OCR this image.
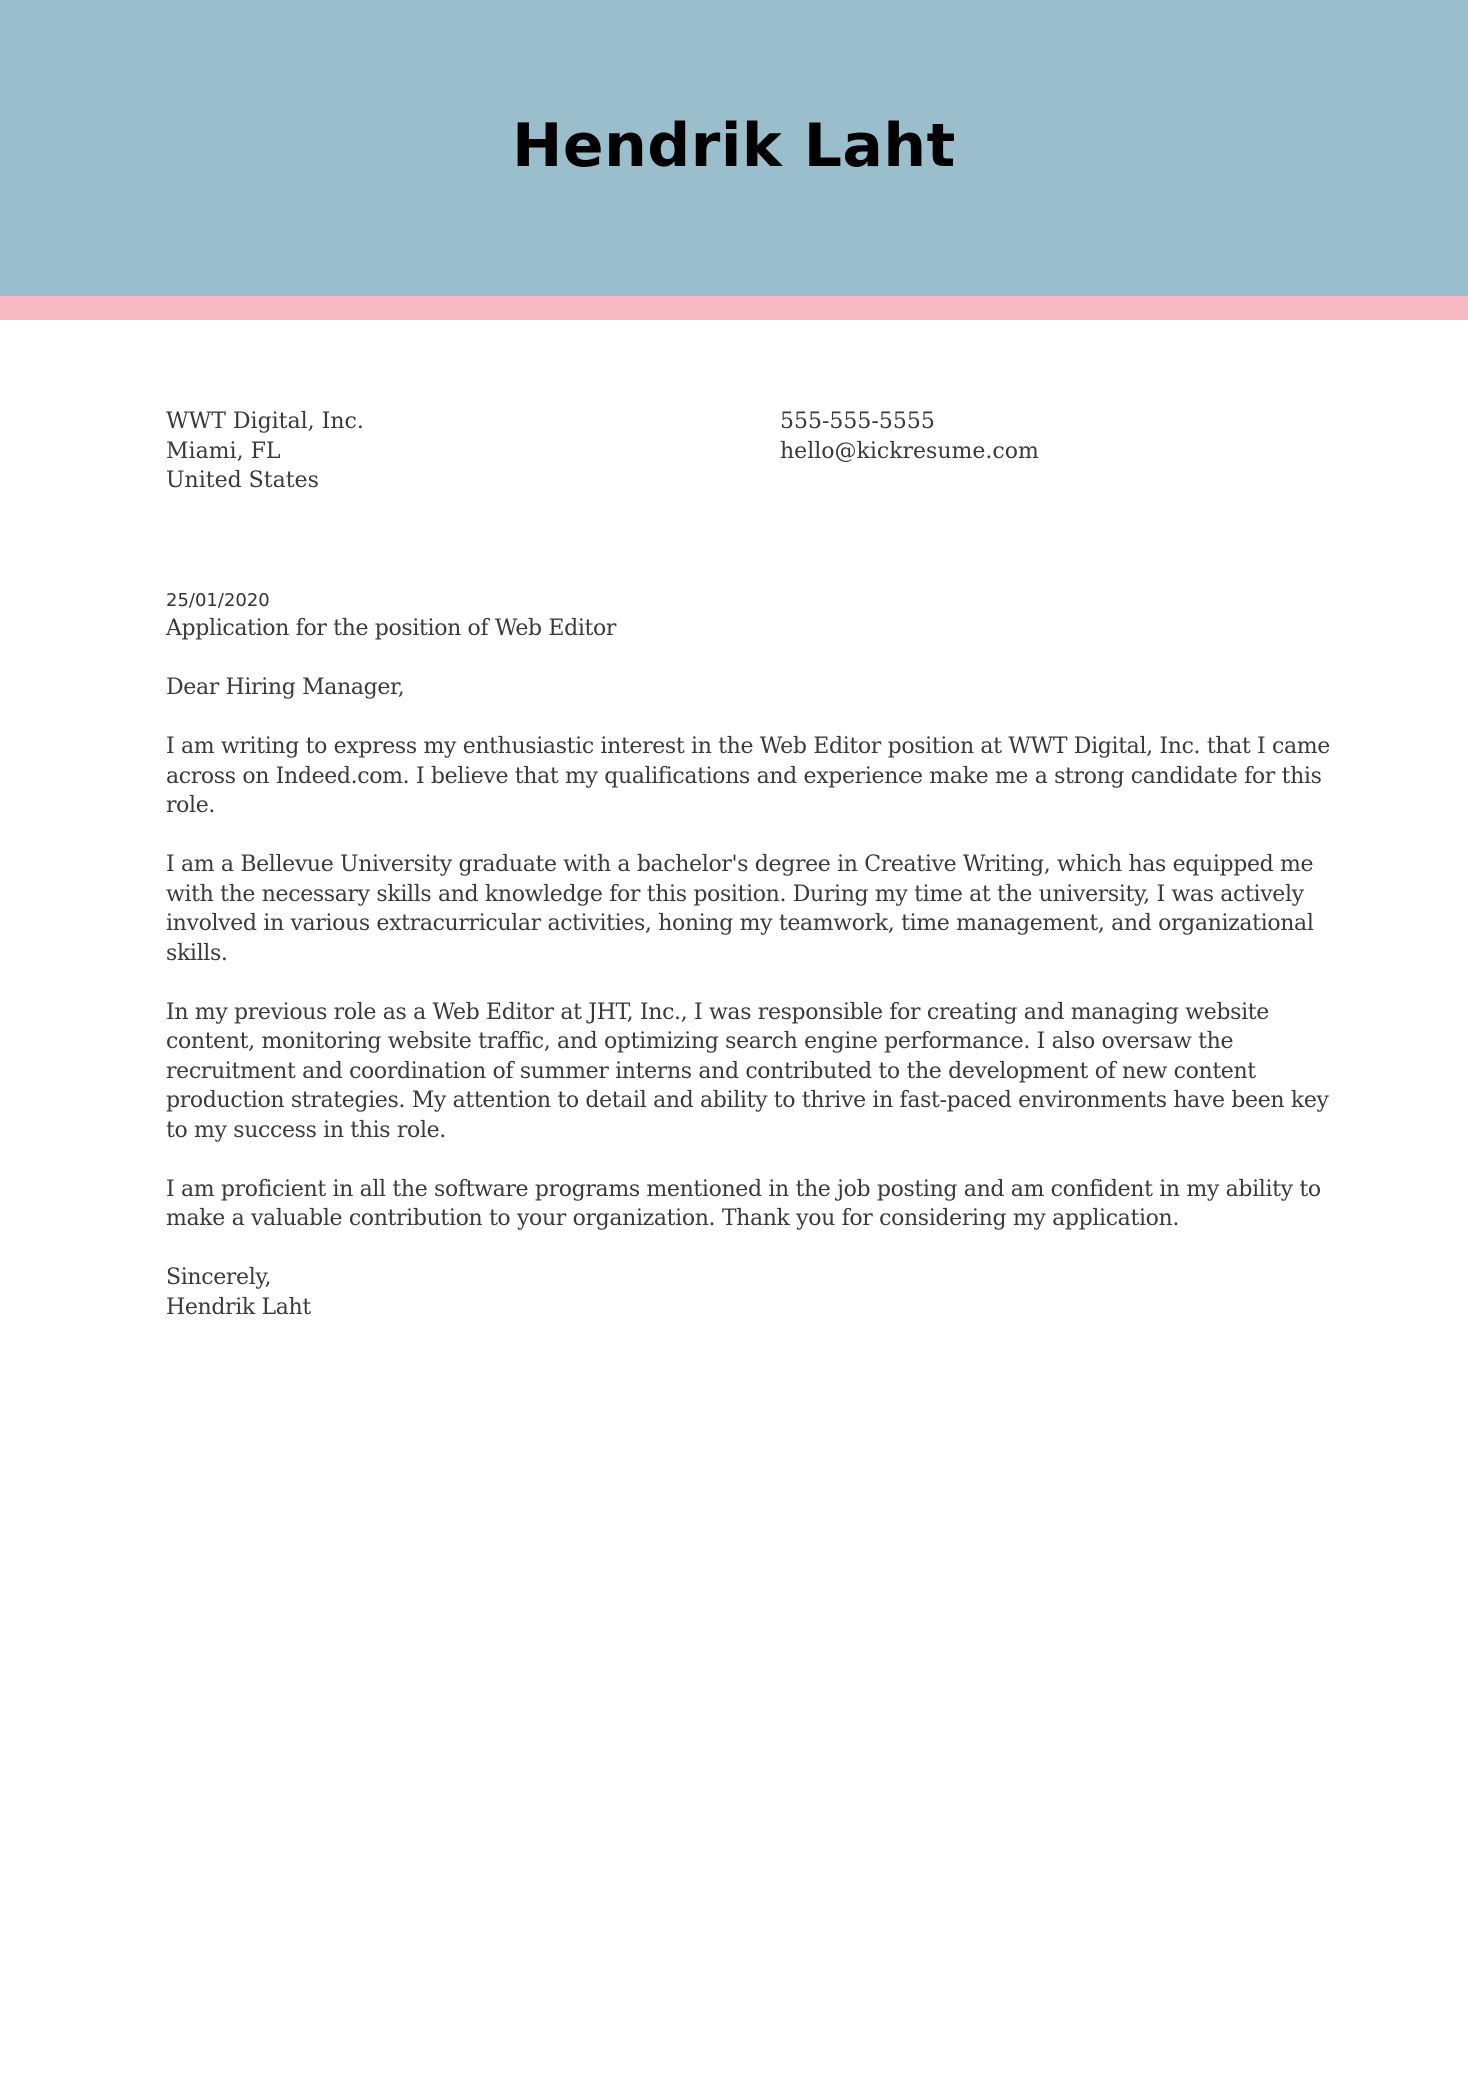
Hendrik Laht
WWT Digital, Inc.
Miami, FL
United States
555-555-5555
hello@kickresume.com
25/01/2020

Application for the position of Web Editor

Dear Hiring Manager,

I am writing to express my enthusiastic interest in the Web Editor position at WWT Digital, Inc. that I came across on Indeed.com. I believe that my qualifications and experience make me a strong candidate for this role.

I am a Bellevue University graduate with a bachelor's degree in Creative Writing, which has equipped me with the necessary skills and knowledge for this position. During my time at the university, I was actively involved in various extracurricular activities, honing my teamwork, time management, and organizational skills.

In my previous role as a Web Editor at JHT, Inc., I was responsible for creating and managing website content, monitoring website traffic, and optimizing search engine performance. I also oversaw the recruitment and coordination of summer interns and contributed to the development of new content production strategies. My attention to detail and ability to thrive in fast-paced environments have been key to my success in this role.

I am proficient in all the software programs mentioned in the job posting and am confident in my ability to make a valuable contribution to your organization. Thank you for considering my application.

Sincerely,

Hendrik Laht
